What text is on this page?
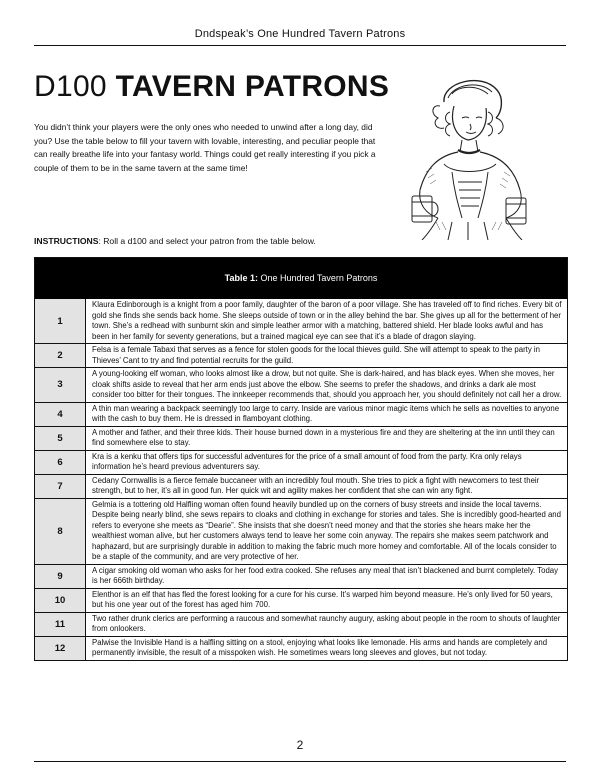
Dndspeak’s One Hundred Tavern Patrons
D100 TAVERN PATRONS

You didn’t think your players were the only ones who needed to unwind after a long day, did you? Use the table below to fill your tavern with lovable, interesting, and peculiar people that can really breathe life into your fantasy world. Things could get really interesting if you pick a couple of them to be in the same tavern at the same time!

INSTRUCTIONS: Roll a d100 and select your patron from the table below.

Table 1: One Hundred Tavern Patrons
1
Klaura Edinborough is a knight from a poor family, daughter of the baron of a poor village. She has traveled off to find riches. Every bit of gold she finds she sends back home. She sleeps outside of town or in the alley behind the bar. She gives up all for the betterment of her town. She’s a redhead with sunburnt skin and simple leather armor with a matching, battered shield. Her blade looks awful and has been in her family for seventy generations, but a trained magical eye can see that it’s a blade of dragon slaying.
2
Felsa is a female Tabaxi that serves as a fence for stolen goods for the local thieves guild. She will attempt to speak to the party in Thieves’ Cant to try and find potential recruits for the guild.
3
A young-looking elf woman, who looks almost like a drow, but not quite. She is dark-haired, and has black eyes. When she moves, her cloak shifts aside to reveal that her arm ends just above the elbow. She seems to prefer the shadows, and drinks a dark ale most consider too bitter for their tongues. The innkeeper recommends that, should you approach her, you should definitely not call her a drow.
4
A thin man wearing a backpack seemingly too large to carry. Inside are various minor magic items which he sells as novelties to anyone with the cash to buy them. He is dressed in flamboyant clothing.
5
A mother and father, and their three kids. Their house burned down in a mysterious fire and they are sheltering at the inn until they can find somewhere else to stay.
6
Kra is a kenku that offers tips for successful adventures for the price of a small amount of food from the party. Kra only relays information he’s heard previous adventurers say.
7
Cedany Cornwallis is a fierce female buccaneer with an incredibly foul mouth. She tries to pick a fight with newcomers to test their strength, but to her, it’s all in good fun. Her quick wit and agility makes her confident that she can win any fight.
8
Gelmia is a tottering old Halfling woman often found heavily bundled up on the corners of busy streets and inside the local taverns. Despite being nearly blind, she sews repairs to cloaks and clothing in exchange for stories and tales. She is incredibly good-hearted and refers to everyone she meets as “Dearie”. She insists that she doesn’t need money and that the stories she hears make her the wealthiest woman alive, but her customers always tend to leave her some coin anyway. The repairs she makes seem patchwork and haphazard, but are surprisingly durable in addition to making the fabric much more homey and comfortable. All of the locals consider to be a staple of the community, and are very protective of her.
9
A cigar smoking old woman who asks for her food extra cooked. She refuses any meal that isn’t blackened and burnt completely. Today is her 666th birthday.
10
Elenthor is an elf that has fled the forest looking for a cure for his curse. It’s warped him beyond measure. He’s only lived for 50 years, but his one year out of the forest has aged him 700.
11
Two rather drunk clerics are performing a raucous and somewhat raunchy augury, asking about people in the room to shouts of laughter from onlookers.
12
Palwise the Invisible Hand is a halfling sitting on a stool, enjoying what looks like lemonade. His arms and hands are completely and permanently invisible, the result of a misspoken wish. He sometimes wears long sleeves and gloves, but not today.
2
